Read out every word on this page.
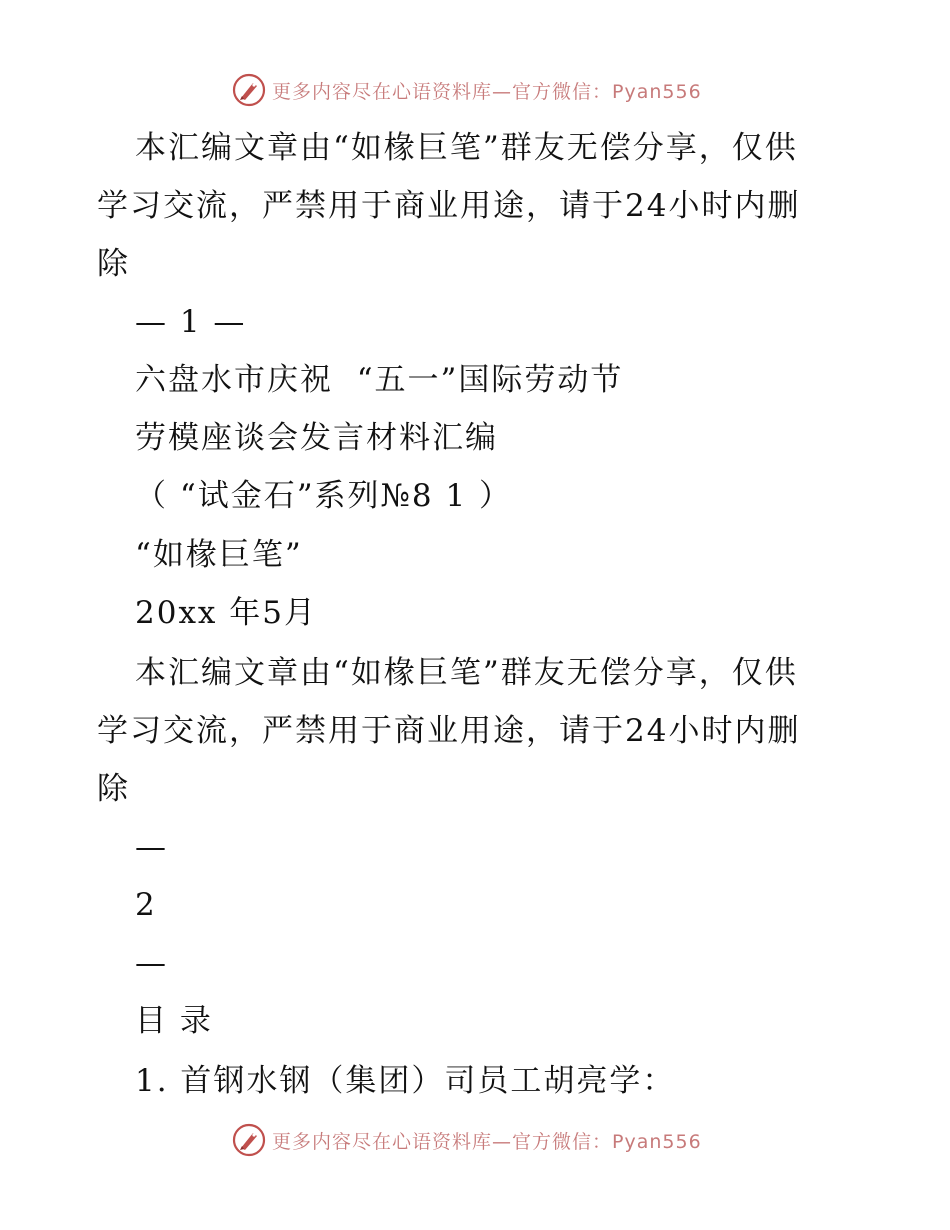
更多内容尽在心语资料库—官方微信：Pyan556
本汇编文章由“如椽巨笔”群友无偿分享，仅供
学习交流，严禁用于商业用途，请于24小时内删
除
— 1 —
六盘水市庆祝  “五一”国际劳动节
劳模座谈会发言材料汇编
（ “试金石”系列№8 1 ）
“如椽巨笔”
20xx 年5月
本汇编文章由“如椽巨笔”群友无偿分享，仅供
学习交流，严禁用于商业用途，请于24小时内删
除
—
2
—
目 录
1. 首钢水钢（集团）司员工胡亮学：
更多内容尽在心语资料库—官方微信：Pyan556
